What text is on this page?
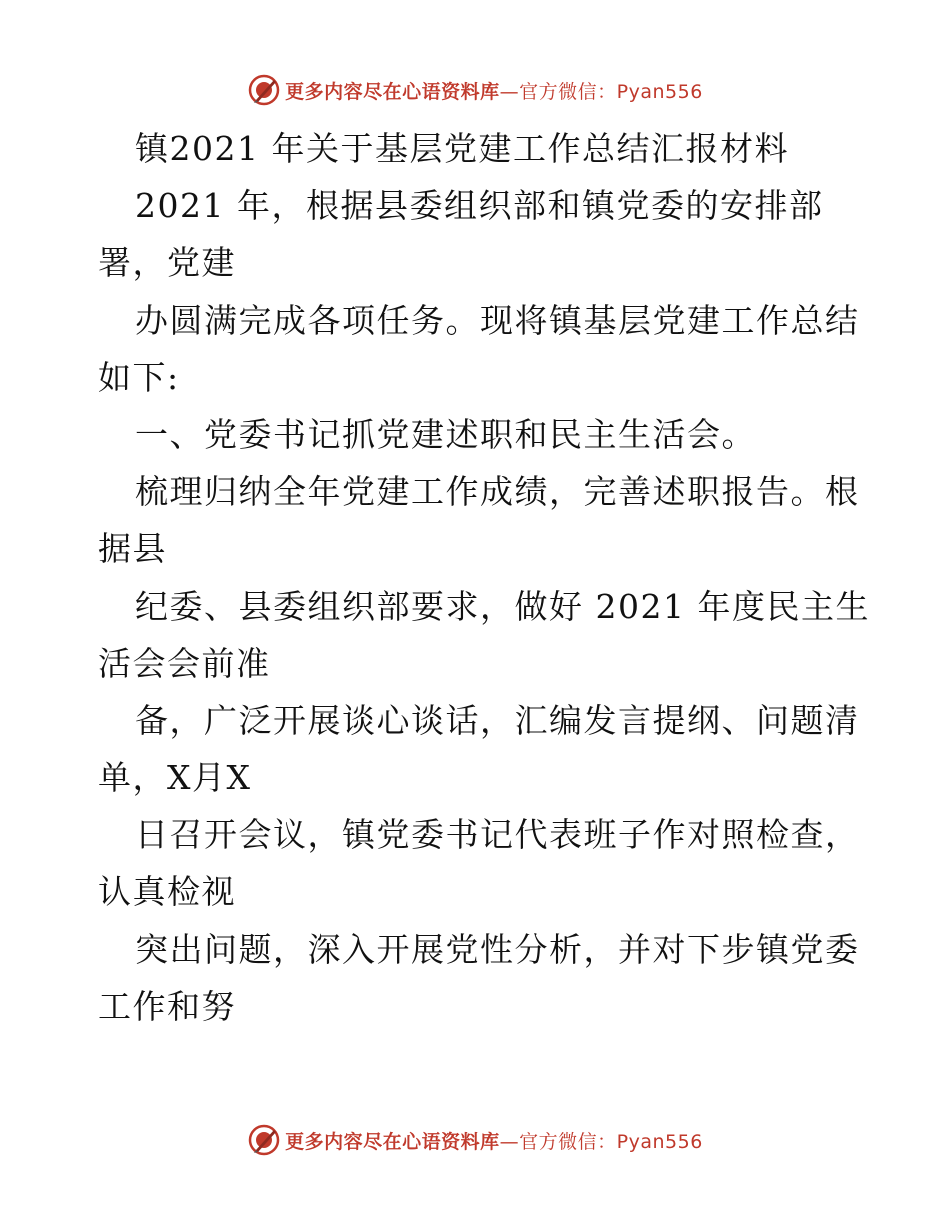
更多内容尽在心语资料库—官方微信：Pyan556
镇2021 年关于基层党建工作总结汇报材料
2021 年，根据县委组织部和镇党委的安排部
署，党建
办圆满完成各项任务。现将镇基层党建工作总结
如下:
一、党委书记抓党建述职和民主生活会。
梳理归纳全年党建工作成绩，完善述职报告。根
据县
纪委、县委组织部要求，做好 2021 年度民主生
活会会前准
备，广泛开展谈心谈话，汇编发言提纲、问题清
单，X月X
日召开会议，镇党委书记代表班子作对照检查，
认真检视
突出问题，深入开展党性分析，并对下步镇党委
工作和努
更多内容尽在心语资料库—官方微信：Pyan556
